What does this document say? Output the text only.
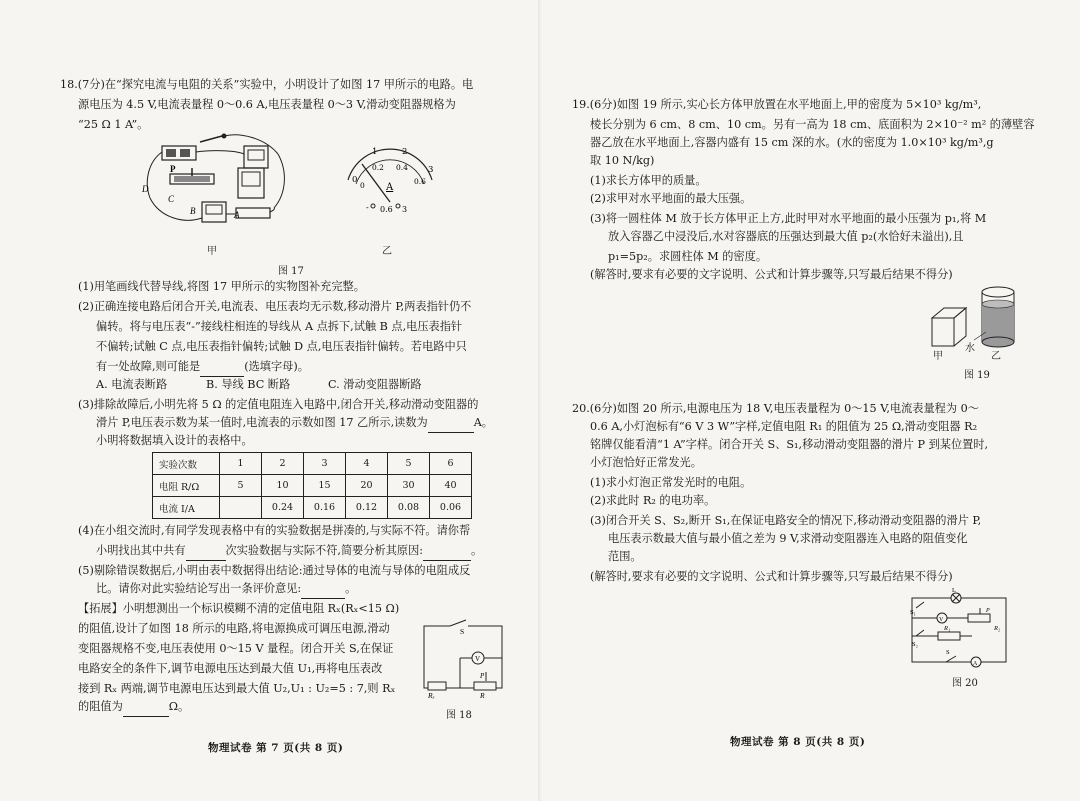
18.(7分)在“探究电流与电阻的关系”实验中，小明设计了如图 17 甲所示的电路。电
源电压为 4.5 V,电流表量程 0～0.6 A,电压表量程 0～3 V,滑动变阻器规格为
“25 Ω 1 A”。
P
D
C
B	A
甲
0
1	2
3
0
0.2 0.4
0.6
A
- 0.6 3
乙
图 17
(1)用笔画线代替导线,将图 17 甲所示的实物图补充完整。
(2)正确连接电路后闭合开关,电流表、电压表均无示数,移动滑片 P,两表指针仍不
偏转。将与电压表“-”接线柱相连的导线从 A 点拆下,试触 B 点,电压表指针
不偏转;试触 C 点,电压表指针偏转;试触 D 点,电压表指针偏转。若电路中只
有一处故障,则可能是	(选填字母)。
A. 电流表断路	B. 导线 BC 断路	C. 滑动变阻器断路
(3)排除故障后,小明先将 5 Ω 的定值电阻连入电路中,闭合开关,移动滑动变阻器的
滑片 P,电压表示数为某一值时,电流表的示数如图 17 乙所示,读数为	A。
小明将数据填入设计的表格中。
实验次数	1	2	3	4	5	6
电阻 R/Ω	5	10	15	20	30	40
电流 I/A		0.24	0.16	0.12	0.08	0.06
(4)在小组交流时,有同学发现表格中有的实验数据是拼凑的,与实际不符。请你帮
小明找出其中共有	次实验数据与实际不符,简要分析其原因:	。
(5)剔除错误数据后,小明由表中数据得出结论:通过导体的电流与导体的电阻成反
比。请你对此实验结论写出一条评价意见:	。
【拓展】小明想测出一个标识模糊不清的定值电阻 Rₓ(Rₓ<15 Ω)
的阻值,设计了如图 18 所示的电路,将电源换成可调压电源,滑动
变阻器规格不变,电压表使用 0～15 V 量程。闭合开关 S,在保证
电路安全的条件下,调节电源电压达到最大值 U₁,再将电压表改
接到 Rₓ 两端,调节电源电压达到最大值 U₂,U₁ : U₂=5 : 7,则 Rₓ
的阻值为	Ω。
S
V
P
Rₓ	R
图 18
物理试卷 第 7 页(共 8 页)
19.(6分)如图 19 所示,实心长方体甲放置在水平地面上,甲的密度为 5×10³ kg/m³,
棱长分别为 6 cm、8 cm、10 cm。另有一高为 18 cm、底面积为 2×10⁻² m² 的薄壁容
器乙放在水平地面上,容器内盛有 15 cm 深的水。(水的密度为 1.0×10³ kg/m³,g
取 10 N/kg)
(1)求长方体甲的质量。
(2)求甲对水平地面的最大压强。
(3)将一圆柱体 M 放于长方体甲正上方,此时甲对水平地面的最小压强为 p₁,将 M
放入容器乙中浸没后,水对容器底的压强达到最大值 p₂(水恰好未溢出),且
p₁=5p₂。求圆柱体 M 的密度。
(解答时,要求有必要的文字说明、公式和计算步骤等,只写最后结果不得分)
甲
水
乙
图 19
20.(6分)如图 20 所示,电源电压为 18 V,电压表量程为 0～15 V,电流表量程为 0～
0.6 A,小灯泡标有“6 V 3 W”字样,定值电阻 R₁ 的阻值为 25 Ω,滑动变阻器 R₂
铭牌仅能看清“1 A”字样。闭合开关 S、S₁,移动滑动变阻器的滑片 P 到某位置时,
小灯泡恰好正常发光。
(1)求小灯泡正常发光时的电阻。
(2)求此时 R₂ 的电功率。
(3)闭合开关 S、S₂,断开 S₁,在保证电路安全的情况下,移动滑动变阻器的滑片 P,
电压表示数最大值与最小值之差为 9 V,求滑动变阻器连入电路的阻值变化
范围。
(解答时,要求有必要的文字说明、公式和计算步骤等,只写最后结果不得分)
L
V
P
R₂
R₁
S₂
S₁
S
A
图 20
物理试卷 第 8 页(共 8 页)
